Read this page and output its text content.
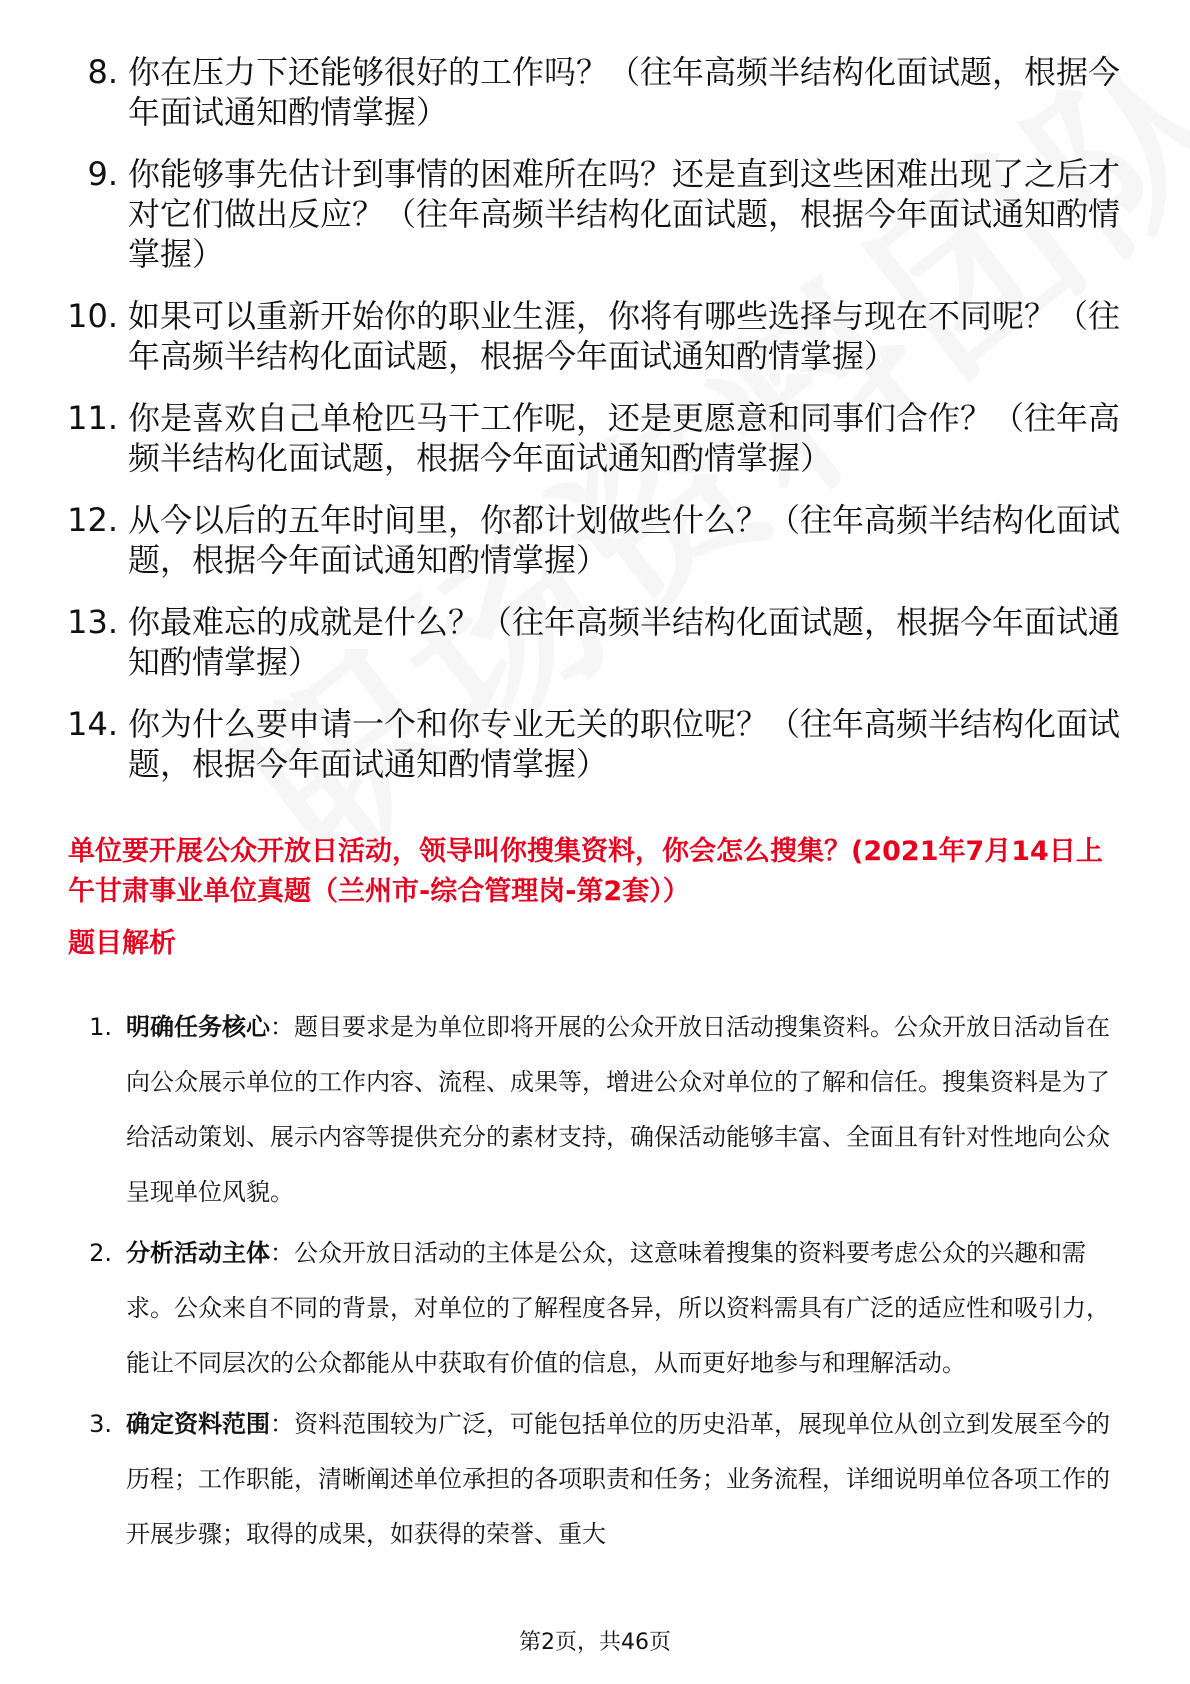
8. 你在压力下还能够很好的工作吗？（往年高频半结构化面试题，根据今年面试通知酌情掌握）
9. 你能够事先估计到事情的困难所在吗？还是直到这些困难出现了之后才对它们做出反应？（往年高频半结构化面试题，根据今年面试通知酌情掌握）
10. 如果可以重新开始你的职业生涯，你将有哪些选择与现在不同呢？（往年高频半结构化面试题，根据今年面试通知酌情掌握）
11. 你是喜欢自己单枪匹马干工作呢，还是更愿意和同事们合作？（往年高频半结构化面试题，根据今年面试通知酌情掌握）
12. 从今以后的五年时间里，你都计划做些什么？（往年高频半结构化面试题，根据今年面试通知酌情掌握）
13. 你最难忘的成就是什么？（往年高频半结构化面试题，根据今年面试通知酌情掌握）
14. 你为什么要申请一个和你专业无关的职位呢？（往年高频半结构化面试题，根据今年面试通知酌情掌握）
单位要开展公众开放日活动，领导叫你搜集资料，你会怎么搜集？(2021年7月14日上午甘肃事业单位真题（兰州市-综合管理岗-第2套））
题目解析
1. 明确任务核心：题目要求是为单位即将开展的公众开放日活动搜集资料。公众开放日活动旨在向公众展示单位的工作内容、流程、成果等，增进公众对单位的了解和信任。搜集资料是为了给活动策划、展示内容等提供充分的素材支持，确保活动能够丰富、全面且有针对性地向公众呈现单位风貌。
2. 分析活动主体：公众开放日活动的主体是公众，这意味着搜集的资料要考虑公众的兴趣和需求。公众来自不同的背景，对单位的了解程度各异，所以资料需具有广泛的适应性和吸引力，能让不同层次的公众都能从中获取有价值的信息，从而更好地参与和理解活动。
3. 确定资料范围：资料范围较为广泛，可能包括单位的历史沿革，展现单位从创立到发展至今的历程；工作职能，清晰阐述单位承担的各项职责和任务；业务流程，详细说明单位各项工作的开展步骤；取得的成果，如获得的荣誉、重大
第2页，共46页
